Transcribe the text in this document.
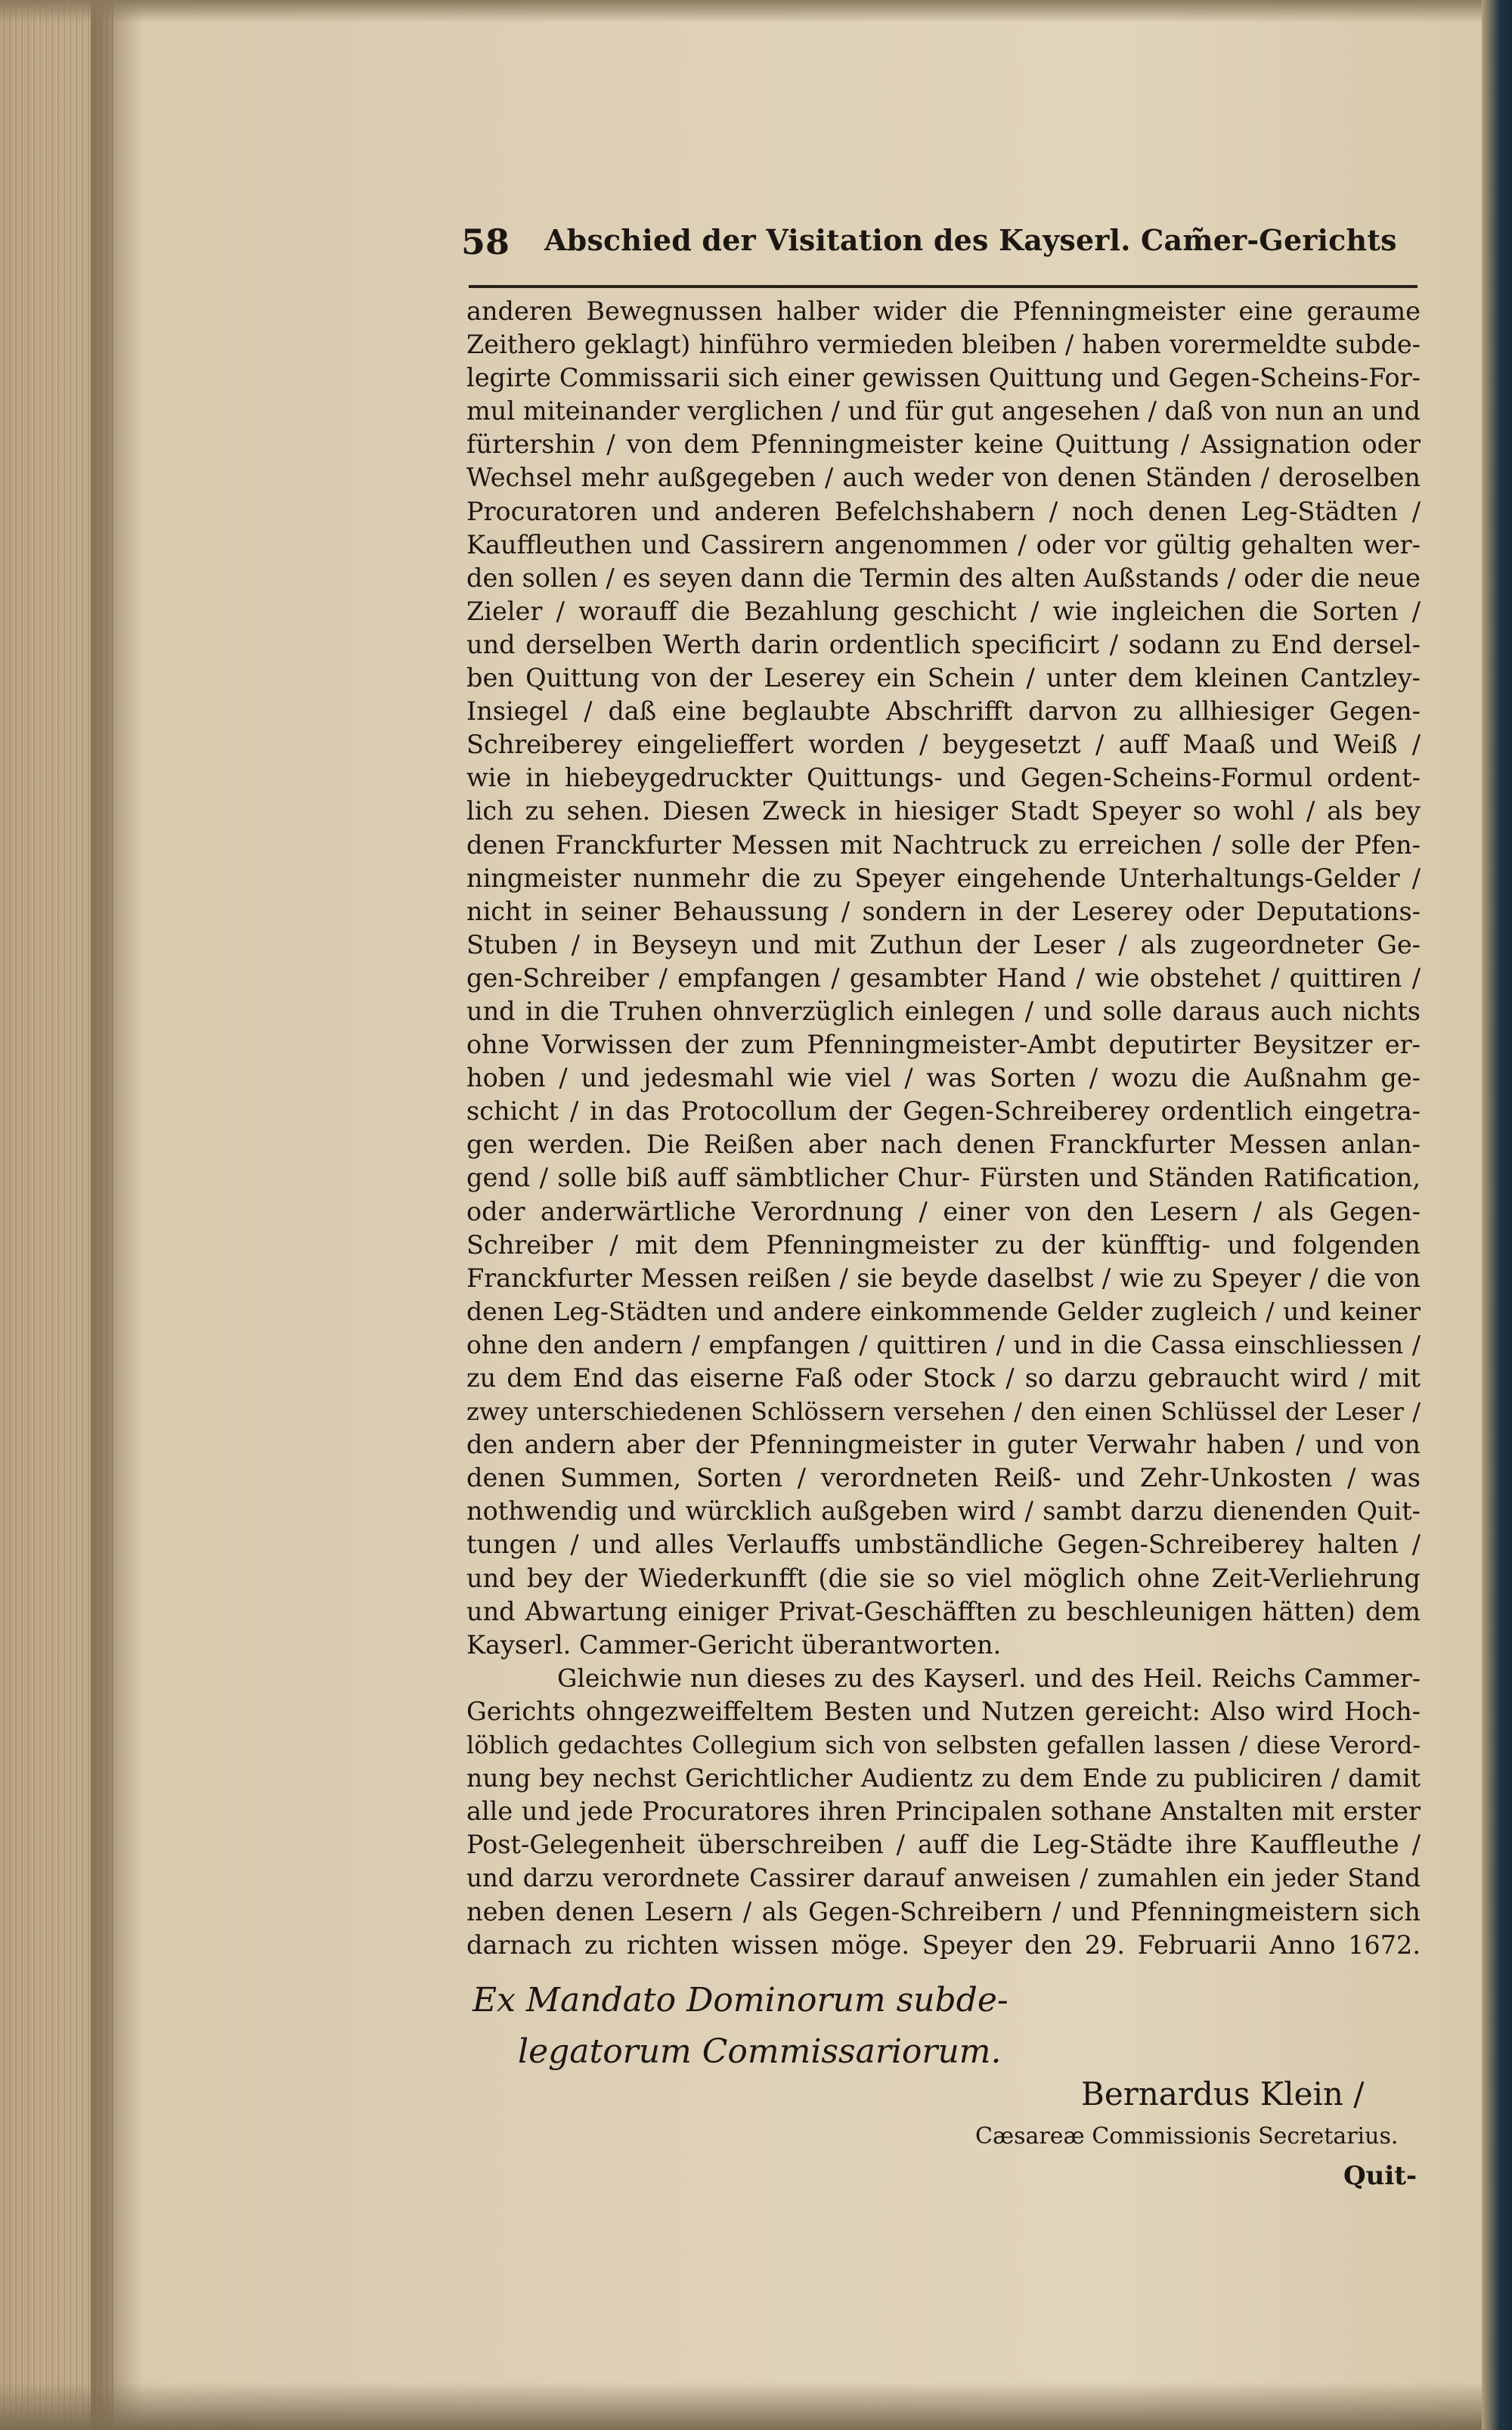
58 Abschied der Visitation des Kayserl. Cam̃er-Gerichts
anderen Bewegnussen halber wider die Pfenningmeister eine geraume
Zeithero geklagt) hinführo vermieden bleiben / haben vorermeldte subde-
legirte Commissarii sich einer gewissen Quittung und Gegen-Scheins-For-
mul miteinander verglichen / und für gut angesehen / daß von nun an und
fürtershin / von dem Pfenningmeister keine Quittung / Assignation oder
Wechsel mehr außgegeben / auch weder von denen Ständen / deroselben
Procuratoren und anderen Befelchshabern / noch denen Leg-Städten /
Kauffleuthen und Cassirern angenommen / oder vor gültig gehalten wer-
den sollen / es seyen dann die Termin des alten Außstands / oder die neue
Zieler / worauff die Bezahlung geschicht / wie ingleichen die Sorten /
und derselben Werth darin ordentlich specificirt / sodann zu End dersel-
ben Quittung von der Leserey ein Schein / unter dem kleinen Cantzley-
Insiegel / daß eine beglaubte Abschrifft darvon zu allhiesiger Gegen-
Schreiberey eingelieffert worden / beygesetzt / auff Maaß und Weiß /
wie in hiebeygedruckter Quittungs- und Gegen-Scheins-Formul ordent-
lich zu sehen. Diesen Zweck in hiesiger Stadt Speyer so wohl / als bey
denen Franckfurter Messen mit Nachtruck zu erreichen / solle der Pfen-
ningmeister nunmehr die zu Speyer eingehende Unterhaltungs-Gelder /
nicht in seiner Behaussung / sondern in der Leserey oder Deputations-
Stuben / in Beyseyn und mit Zuthun der Leser / als zugeordneter Ge-
gen-Schreiber / empfangen / gesambter Hand / wie obstehet / quittiren /
und in die Truhen ohnverzüglich einlegen / und solle daraus auch nichts
ohne Vorwissen der zum Pfenningmeister-Ambt deputirter Beysitzer er-
hoben / und jedesmahl wie viel / was Sorten / wozu die Außnahm ge-
schicht / in das Protocollum der Gegen-Schreiberey ordentlich eingetra-
gen werden. Die Reißen aber nach denen Franckfurter Messen anlan-
gend / solle biß auff sämbtlicher Chur- Fürsten und Ständen Ratification,
oder anderwärtliche Verordnung / einer von den Lesern / als Gegen-
Schreiber / mit dem Pfenningmeister zu der künfftig- und folgenden
Franckfurter Messen reißen / sie beyde daselbst / wie zu Speyer / die von
denen Leg-Städten und andere einkommende Gelder zugleich / und keiner
ohne den andern / empfangen / quittiren / und in die Cassa einschliessen /
zu dem End das eiserne Faß oder Stock / so darzu gebraucht wird / mit
zwey unterschiedenen Schlössern versehen / den einen Schlüssel der Leser /
den andern aber der Pfenningmeister in guter Verwahr haben / und von
denen Summen, Sorten / verordneten Reiß- und Zehr-Unkosten / was
nothwendig und würcklich außgeben wird / sambt darzu dienenden Quit-
tungen / und alles Verlauffs umbständliche Gegen-Schreiberey halten /
und bey der Wiederkunfft (die sie so viel möglich ohne Zeit-Verliehrung
und Abwartung einiger Privat-Geschäfften zu beschleunigen hätten) dem
Kayserl. Cammer-Gericht überantworten.
Gleichwie nun dieses zu des Kayserl. und des Heil. Reichs Cammer-
Gerichts ohngezweiffeltem Besten und Nutzen gereicht: Also wird Hoch-
löblich gedachtes Collegium sich von selbsten gefallen lassen / diese Verord-
nung bey nechst Gerichtlicher Audientz zu dem Ende zu publiciren / damit
alle und jede Procuratores ihren Principalen sothane Anstalten mit erster
Post-Gelegenheit überschreiben / auff die Leg-Städte ihre Kauffleuthe /
und darzu verordnete Cassirer darauf anweisen / zumahlen ein jeder Stand
neben denen Lesern / als Gegen-Schreibern / und Pfenningmeistern sich
darnach zu richten wissen möge. Speyer den 29. Februarii Anno 1672.
Ex Mandato Dominorum subde-
legatorum Commissariorum.
Bernardus Klein /
Cæsareæ Commissionis Secretarius.
Quit-
